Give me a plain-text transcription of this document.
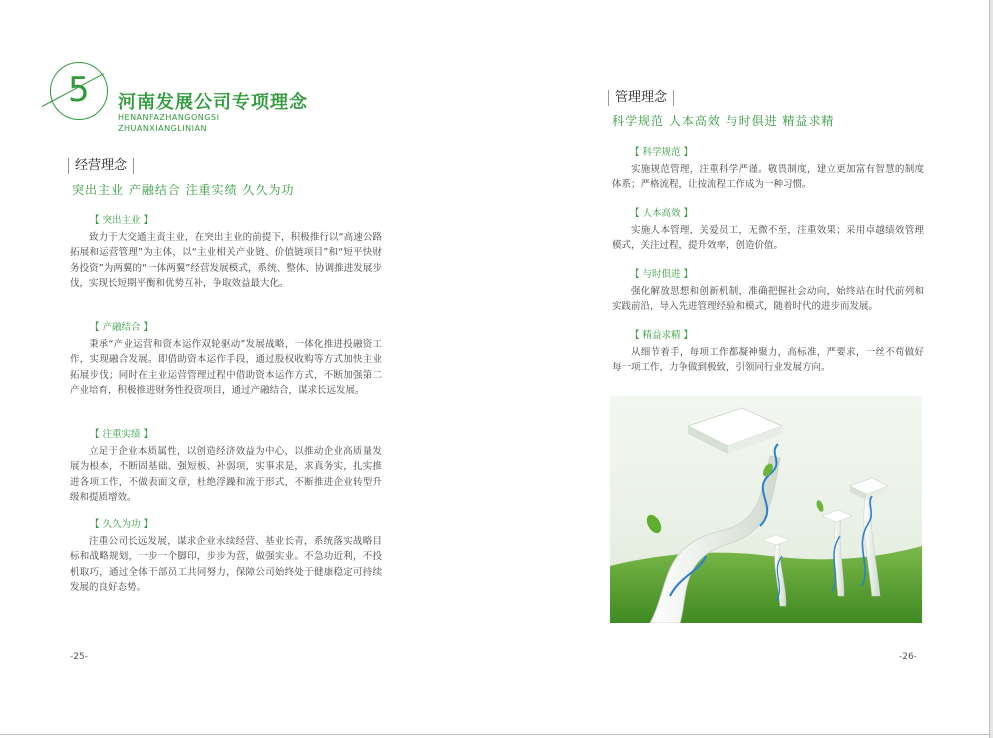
5 河南发展公司专项理念
HENANFAZHANGONGSI
ZHUANXIANGLINIAN
经营理念
突出主业 产融结合 注重实绩 久久为功
【 突出主业 】
致力于大交通主责主业，在突出主业的前提下，积极推行以“高速公路拓展和运营管理”为主体，以“主业相关产业链、价值链项目”和“短平快财务投资”为两翼的“一体两翼”经营发展模式，系统、整体、协调推进发展步伐，实现长短期平衡和优势互补，争取效益最大化。
【 产融结合 】
秉承“产业运营和资本运作双轮驱动”发展战略，一体化推进投融资工作，实现融合发展。即借助资本运作手段，通过股权收购等方式加快主业拓展步伐；同时在主业运营管理过程中借助资本运作方式，不断加强第二产业培育，积极推进财务性投资项目，通过产融结合，谋求长远发展。
【 注重实绩 】
立足于企业本质属性，以创造经济效益为中心，以推动企业高质量发展为根本，不断固基础、强短板、补弱项，实事求是，求真务实，扎实推进各项工作，不做表面文章，杜绝浮躁和流于形式，不断推进企业转型升级和提质增效。
【 久久为功 】
注重公司长远发展，谋求企业永续经营、基业长青，系统落实战略目标和战略规划，一步一个脚印，步步为营，做强实业。不急功近利，不投机取巧，通过全体干部员工共同努力，保障公司始终处于健康稳定可持续发展的良好态势。
-25-
管理理念
科学规范 人本高效 与时俱进 精益求精
【 科学规范 】
实施规范管理，注重科学严谨。敬畏制度，建立更加富有智慧的制度体系；严格流程，让按流程工作成为一种习惯。
【 人本高效 】
实施人本管理，关爱员工，无微不至，注重效果；采用卓越绩效管理模式，关注过程，提升效率，创造价值。
【 与时俱进 】
强化解放思想和创新机制，准确把握社会动向，始终站在时代前列和实践前沿，导入先进管理经验和模式，随着时代的进步而发展。
【 精益求精 】
从细节着手，每项工作都凝神聚力，高标准，严要求，一丝不苟做好每一项工作，力争做到极致，引领同行业发展方向。
-26-
